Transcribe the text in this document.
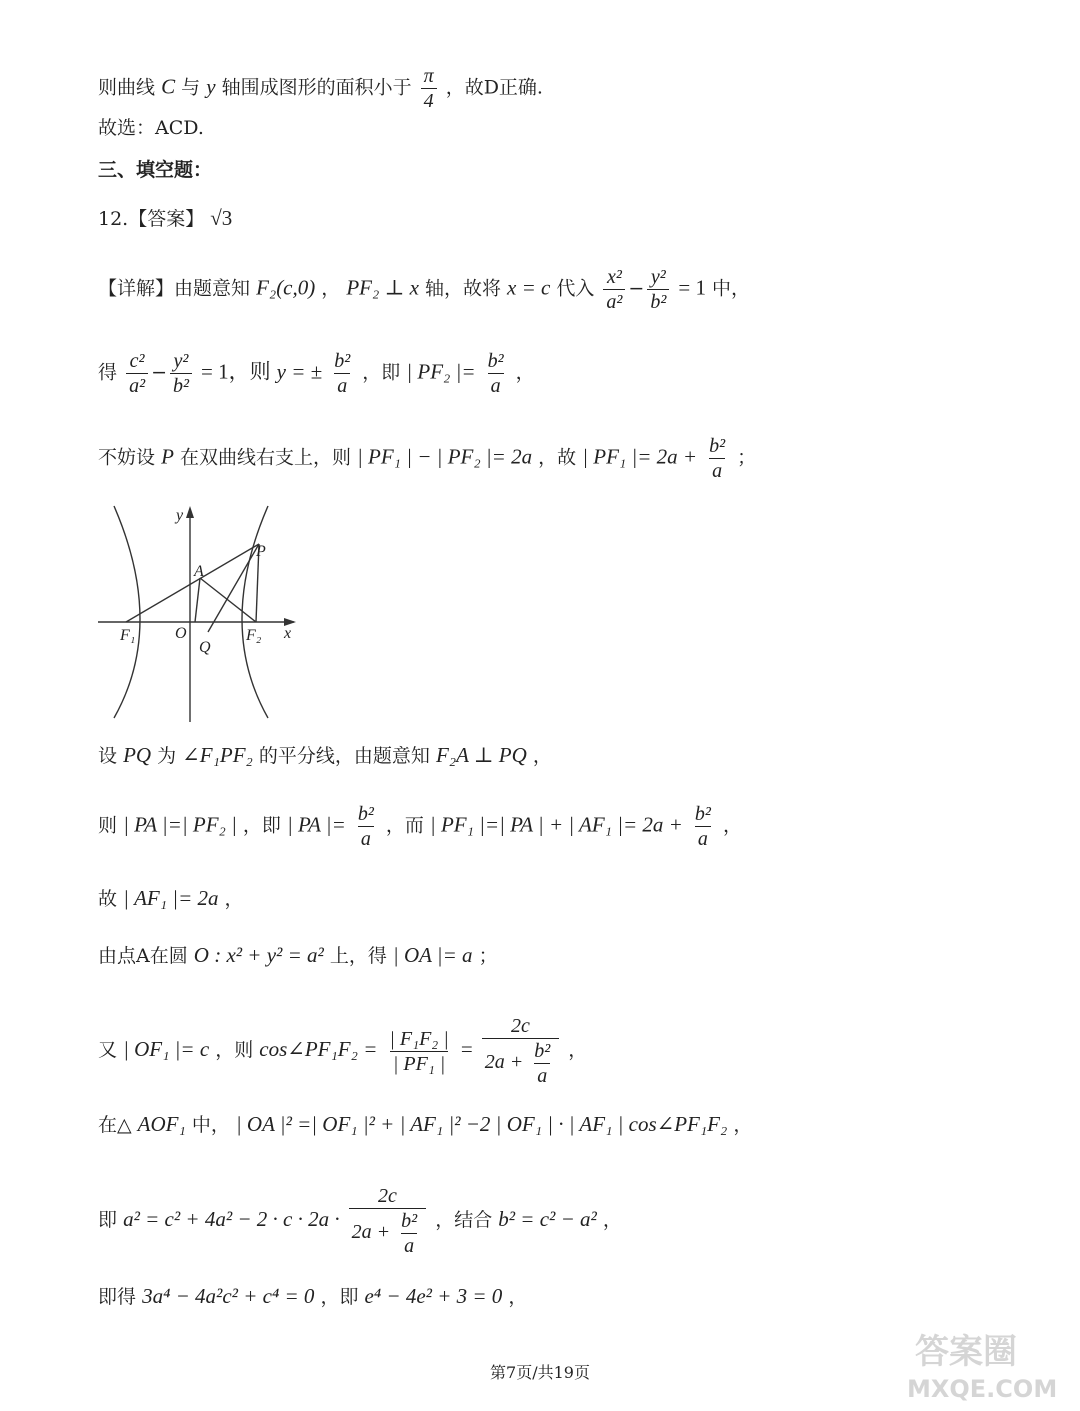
则曲线 C 与 y 轴围成图形的面积小于 $\frac{\pi}{4}$ ，故D正确.
故选：ACD.
三、填空题：
12.【答案】 √3
【详解】由题意知 F₂(c,0) ， PF₂ ⊥ x 轴，故将 x = c 代入 $\frac{\text{x²}}{\text{a²}} - \frac{\text{y²}}{\text{b²}} = 1$ 中，
得 $\frac{\text{c²}}{\text{a²}} - \frac{\text{y²}}{\text{b²}} = 1$，则 y = ± $\frac{\text{b²}}{a}$ ，即 | PF₂ |= $\frac{\text{b²}}{a}$ ，
不妨设 P 在双曲线右支上，则 | PF₁ | − | PF₂ |= 2a ，故 | PF₁ |= $2a + \frac{\text{b²}}{a}$ ；
y
x
P
A
F₁ O
Q
F₂
设 PQ 为 ∠F₁PF₂ 的平分线，由题意知 F₂A ⊥ PQ ，
则 | PA |=| PF₂ | ，即 | PA |= $\frac{\text{b²}}{a}$ ，而 | PF₁ |=| PA | + | AF₁ |= $2a + \frac{\text{b²}}{a}$ ，
故 | AF₁ |= 2a ，
由点A在圆 O : x² + y² = a² 上，得 | OA |= a ；
又 | OF₁ |= c ，则 cos∠PF₁F₂ = $\frac{\text{| F₁F₂ |}}{\text{| PF₁ |}} = \frac{2c}{2a + \frac{\text{b²}}{a}}$ ，
在△ AOF₁ 中， | OA |² =| OF₁ |² + | AF₁ |² −2 | OF₁ | · | AF₁ | cos∠PF₁F₂ ，
即 $a^2 = c^2 + 4a^2 - 2 \cdot c \cdot 2a \cdot \frac{2c}{2a + \frac{\text{b²}}{a}}$ ，结合 b² = c² − a² ，
即得 3a⁴ − 4a²c² + c⁴ = 0 ，即 e⁴ − 4e² + 3 = 0 ，
答案圈
MXQE.COM
第7页/共19页
